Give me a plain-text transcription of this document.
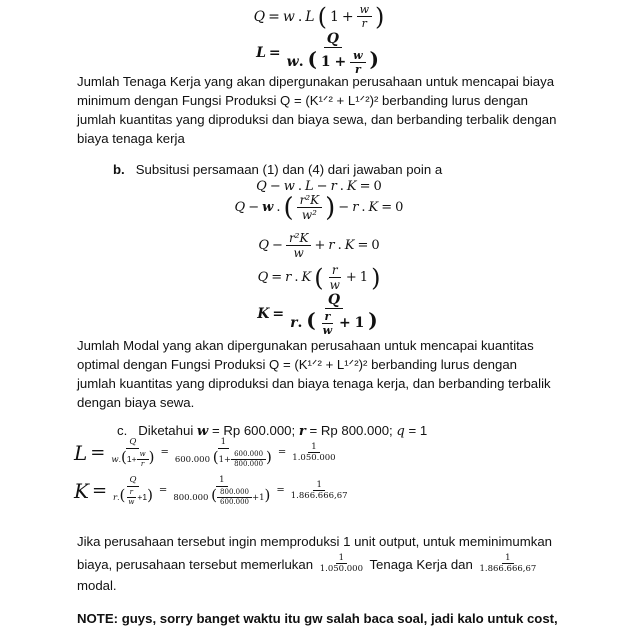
Q = w . L ( $1 + \frac{w}{r}$ )
L =
Q
w. ( $1 + \frac{w}{r}$ )

Jumlah Tenaga Kerja yang akan dipergunakan perusahaan untuk mencapai biaya

minimum dengan Fungsi Produksi Q = (K¹ᐟ² + L¹ᐟ²)² berbanding lurus dengan

jumlah kuantitas yang diproduksi dan biaya sewa, dan berbanding terbalik dengan

biaya tenaga kerja

b. Subsitusi persamaan (1) dan (4) dari jawaban poin a

Q − w . L − r . K = 0
Q − w . ( $\frac{\text{r²K}}{\text{w²}}$ ) − r . K = 0
$Q - \frac{\text{r²K}}{w} + r$ . K = 0
Q = r . K ( $\frac{r}{w} + 1$ )
K =
Q
r. ( $\frac{r}{w} + 1$ )

Jumlah Modal yang akan dipergunakan perusahaan untuk mencapai kuantitas

optimal dengan Fungsi Produksi Q = (K¹ᐟ² + L¹ᐟ²)² berbanding lurus dengan

jumlah kuantitas yang diproduksi dan biaya tenaga kerja, dan berbanding terbalik

dengan biaya sewa.

c. Diketahui w = Rp 600.000; r = Rp 800.000; q = 1

$L = \frac{Q}{w.(1+ \frac{w}{r} )} = \frac{1}{600.000 (1+ \frac{600.000}{800.000} )} = \frac{1}{1.050.000}$
$K = \frac{Q}{r.( \frac{r}{w} +1)} = \frac{1}{800.000 ( \frac{800.000}{600.000} +1)} = \frac{1}{1.866.666,67}$

Jika perusahaan tersebut ingin memproduksi 1 unit output, untuk meminimumkan

biaya, perusahaan tersebut memerlukan $\frac{1}{1.050.000}$ Tenaga Kerja dan $\frac{1}{1.866.666,67}$

modal.

NOTE: guys, sorry banget waktu itu gw salah baca soal, jadi kalo untuk cost,
